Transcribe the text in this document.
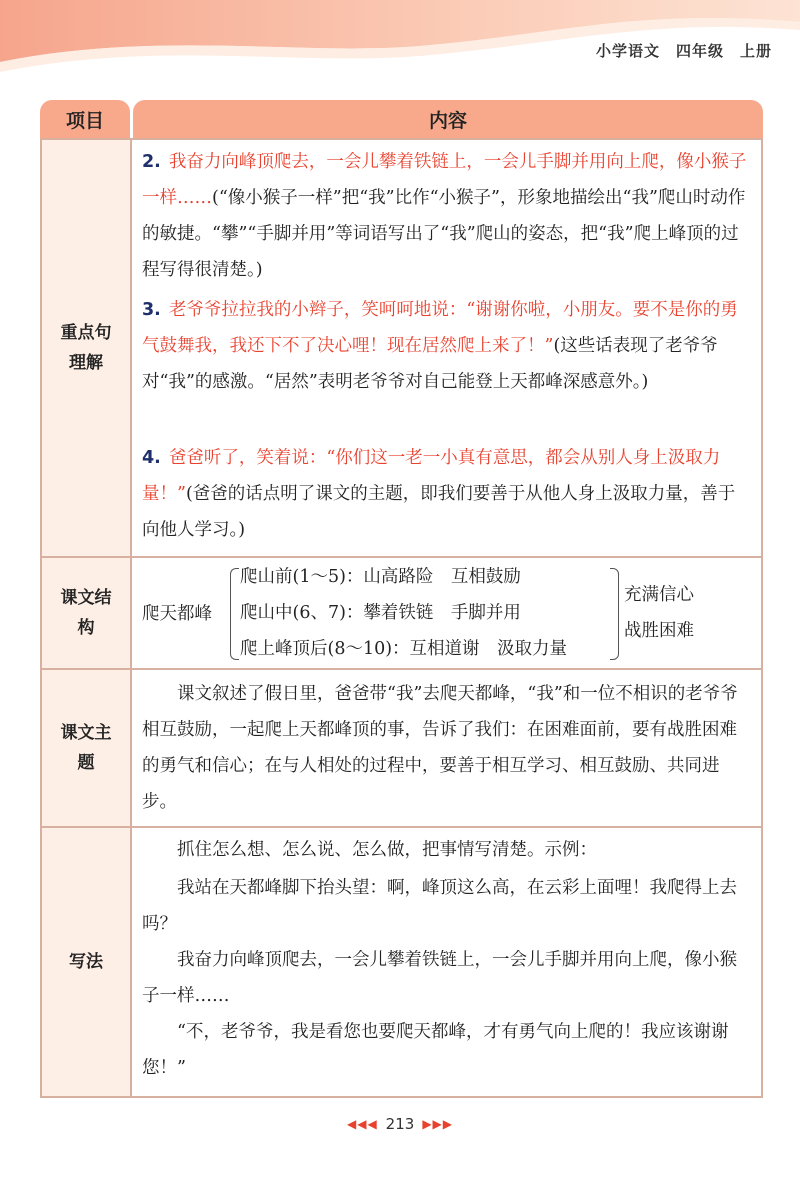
小学语文　四年级　上册
项目	内容
重点句理解
2. 我奋力向峰顶爬去，一会儿攀着铁链上，一会儿手脚并用向上爬，像小猴子一样……(“像小猴子一样”把“我”比作“小猴子”，形象地描绘出“我”爬山时动作的敏捷。“攀”“手脚并用”等词语写出了“我”爬山的姿态，把“我”爬上峰顶的过程写得很清楚。)
3. 老爷爷拉拉我的小辫子，笑呵呵地说：“谢谢你啦，小朋友。要不是你的勇气鼓舞我，我还下不了决心哩！现在居然爬上来了！”(这些话表现了老爷爷对“我”的感激。“居然”表明老爷爷对自己能登上天都峰深感意外。)
4. 爸爸听了，笑着说：“你们这一老一小真有意思，都会从别人身上汲取力量！”(爸爸的话点明了课文的主题，即我们要善于从他人身上汲取力量，善于向他人学习。)
课文结构
爬天都峰
爬山前(1～5)：山高路险　互相鼓励
爬山中(6、7)：攀着铁链　手脚并用
爬上峰顶后(8～10)：互相道谢　汲取力量
充满信心
战胜困难
课文主题
课文叙述了假日里，爸爸带“我”去爬天都峰，“我”和一位不相识的老爷爷相互鼓励，一起爬上天都峰顶的事，告诉了我们：在困难面前，要有战胜困难的勇气和信心；在与人相处的过程中，要善于相互学习、相互鼓励、共同进步。
写法
抓住怎么想、怎么说、怎么做，把事情写清楚。示例：
我站在天都峰脚下抬头望：啊，峰顶这么高，在云彩上面哩！我爬得上去吗？
我奋力向峰顶爬去，一会儿攀着铁链上，一会儿手脚并用向上爬，像小猴子一样……
“不，老爷爷，我是看您也要爬天都峰，才有勇气向上爬的！我应该谢谢您！”
◀◀◀ 213 ▶▶▶
